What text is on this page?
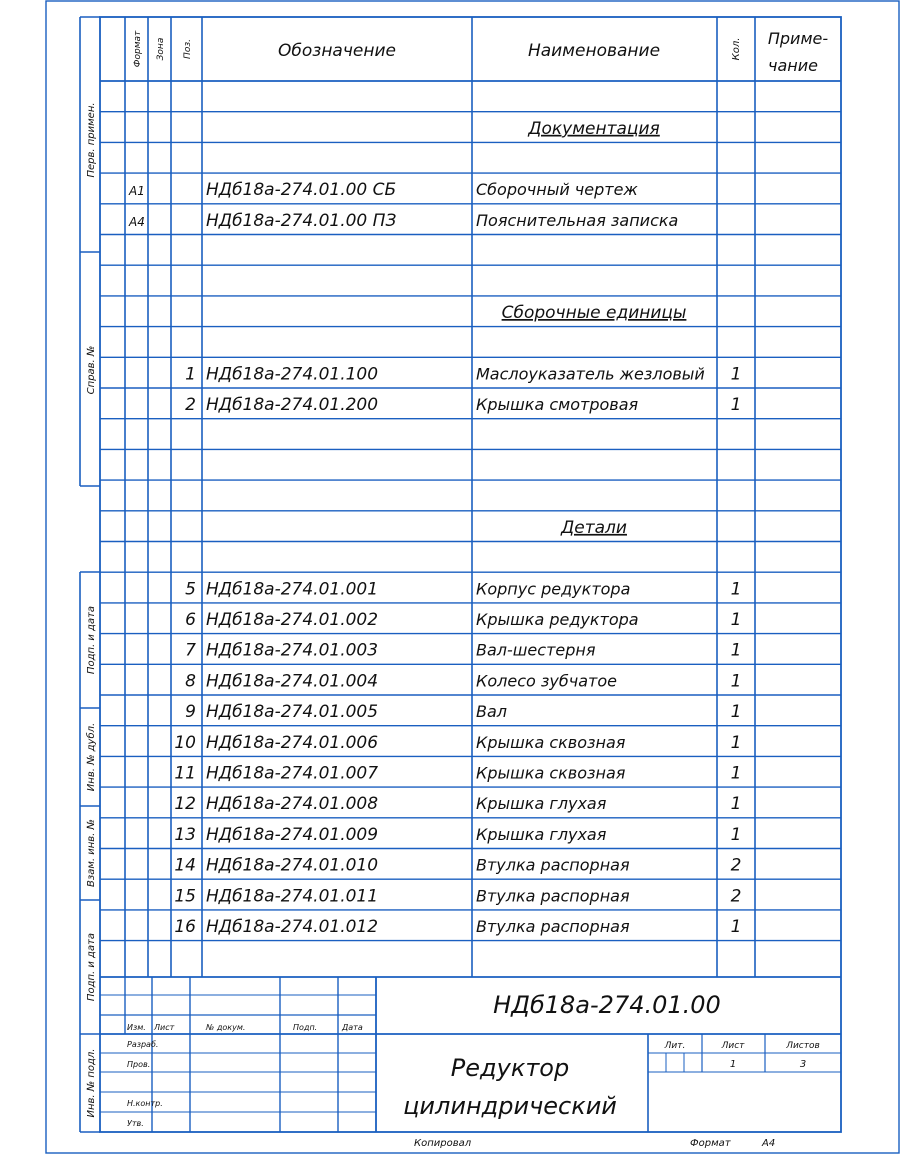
Перв. примен.
Справ. №
Подп. и дата
Инв. № дубл.
Взам. инв. №
Подп. и дата
Инв. № подл.
Формат Зона Поз.	Обозначение	Наименование	Кол. Приме-
чание
Документация
А1	НДб18а-274.01.00 СБ	Сборочный чертеж
А4	НДб18а-274.01.00 ПЗ	Пояснительная записка
Сборочные единицы
1 НДб18а-274.01.100	Маслоуказатель жезловый 1
2 НДб18а-274.01.200	Крышка смотровая	1
Детали
5 НДб18а-274.01.001	Корпус редуктора	1
6 НДб18а-274.01.002	Крышка редуктора	1
7 НДб18а-274.01.003	Вал-шестерня	1
8 НДб18а-274.01.004	Колесо зубчатое	1
9 НДб18а-274.01.005	Вал	1
10 НДб18а-274.01.006	Крышка сквозная	1
11 НДб18а-274.01.007	Крышка сквозная	1
12 НДб18а-274.01.008	Крышка глухая	1
13 НДб18а-274.01.009	Крышка глухая	1
14 НДб18а-274.01.010	Втулка распорная	2
15 НДб18а-274.01.011	Втулка распорная	2
16 НДб18а-274.01.012	Втулка распорная	1
НДб18а-274.01.00
Редуктор
цилиндрический
Изм. Лист	№ докум.	Подп.	Дата
Разраб.
Пров.
Н.контр.
Утв.
Лит.	Лист	Листов
1	3
Копировал	Формат	А4
